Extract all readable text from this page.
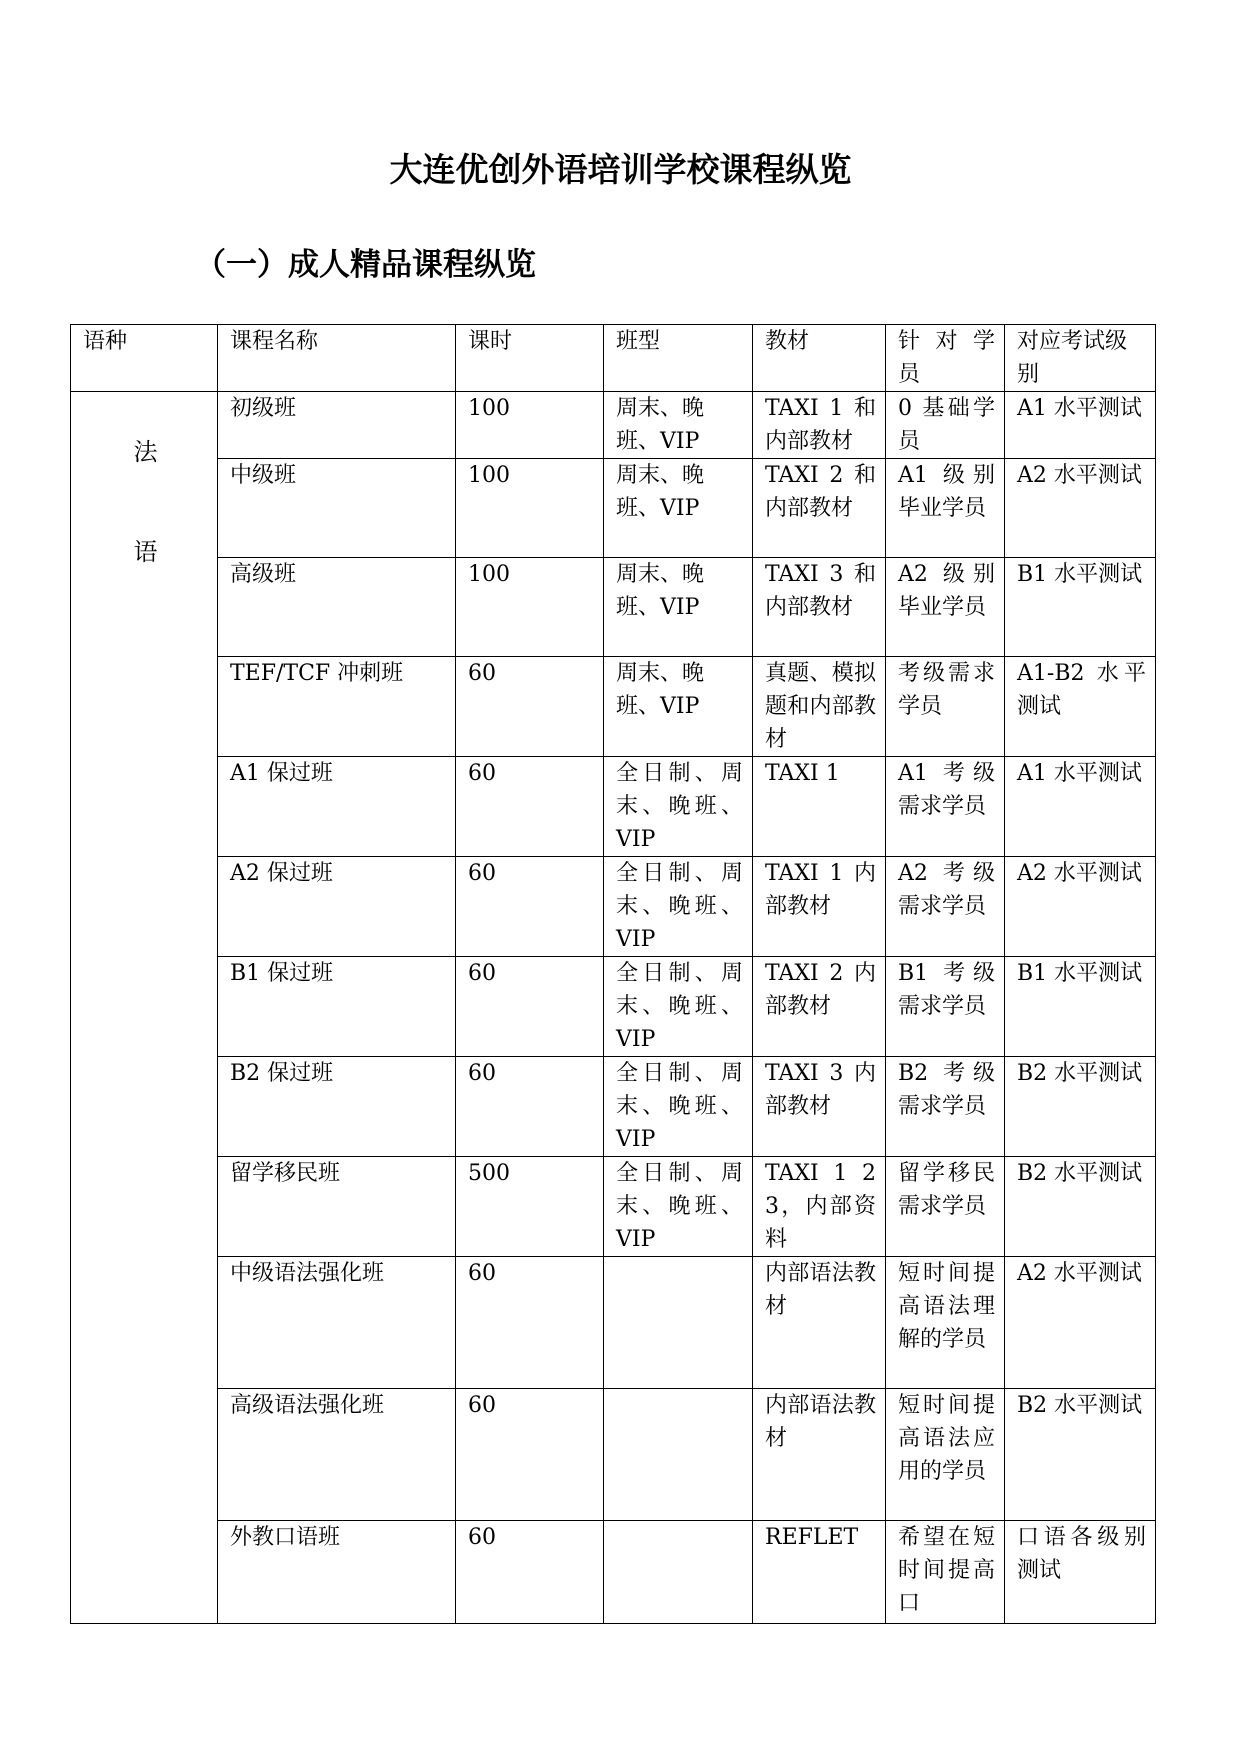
大连优创外语培训学校课程纵览
（一）成人精品课程纵览
语种	课程名称	课时	班型	教材	针 对 学 员	对应考试级别

法
语	初级班	100	周末、晚班、VIP	TAXI 1 和内部教材	0 基础学员	A1 水平测试
	中级班	100	周末、晚班、VIP	TAXI 2 和内部教材	A1 级别毕业学员	A2 水平测试
	高级班	100	周末、晚班、VIP	TAXI 3 和内部教材	A2 级别毕业学员	B1 水平测试
	TEF/TCF 冲刺班	60	周末、晚班、VIP	真题、模拟题和内部教材	考级需求学员	A1-B2 水平测试
	A1 保过班	60	全日制、周末、晚班、VIP	TAXI 1	A1 考级需求学员	A1 水平测试
	A2 保过班	60	全日制、周末、晚班、VIP	TAXI 1 内部教材	A2 考级需求学员	A2 水平测试
	B1 保过班	60	全日制、周末、晚班、VIP	TAXI 2 内部教材	B1 考级需求学员	B1 水平测试
	B2 保过班	60	全日制、周末、晚班、VIP	TAXI 3 内部教材	B2 考级需求学员	B2 水平测试
	留学移民班	500	全日制、周末、晚班、VIP	TAXI 1 2 3，内部资料	留学移民需求学员	B2 水平测试
	中级语法强化班	60		内部语法教材	短时间提高语法理解的学员	A2 水平测试
	高级语法强化班	60		内部语法教材	短时间提高语法应用的学员	B2 水平测试
	外教口语班	60		REFLET	希望在短时间提高口	口语各级别测试
